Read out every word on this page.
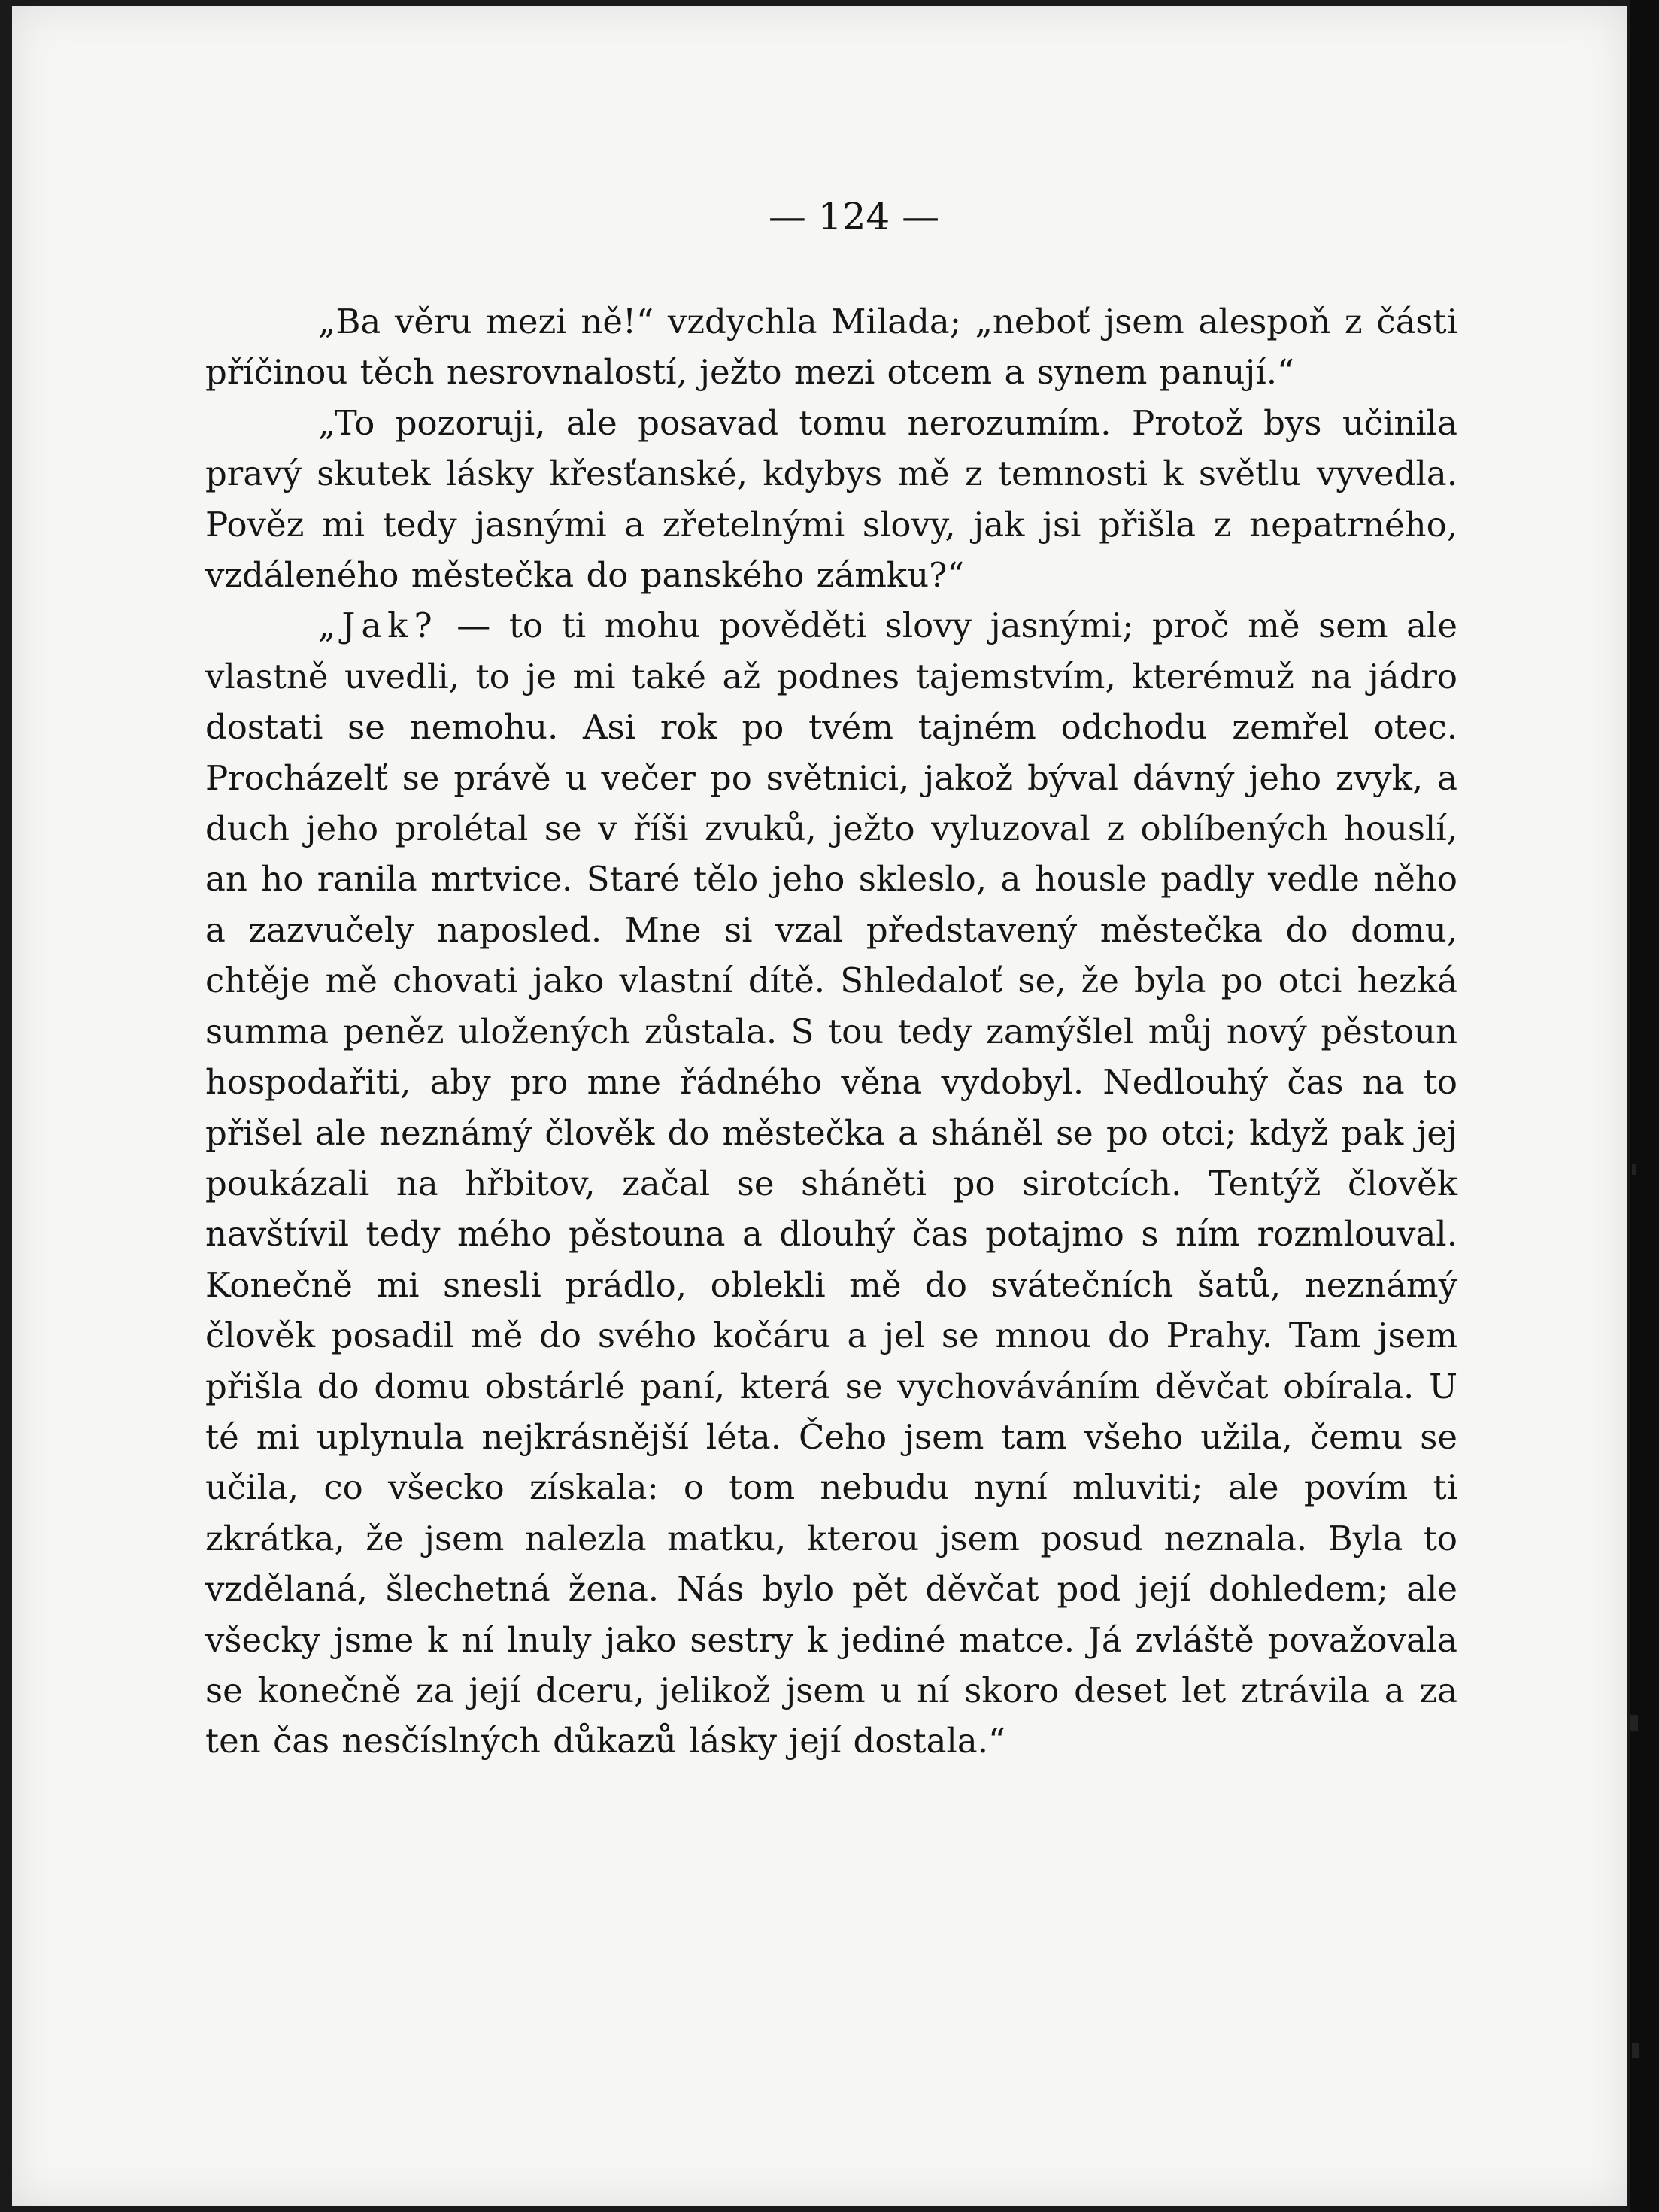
— 124 —

„Ba věru mezi ně!“ vzdychla Milada; „neboť jsem alespoň z části příčinou těch nesrovnalostí, ježto mezi otcem a synem panují.“

„To pozoruji, ale posavad tomu nerozumím. Protož bys učinila pravý skutek lásky křesťanské, kdybys mě z temnosti k světlu vyvedla. Pověz mi tedy jasnými a zřetelnými slovy, jak jsi přišla z nepatrného, vzdáleného městečka do panského zámku?“

„Jak? — to ti mohu pověděti slovy jasnými; proč mě sem ale vlastně uvedli, to je mi také až podnes tajemstvím, kterémuž na jádro dostati se nemohu. Asi rok po tvém tajném odchodu zemřel otec. Procházelť se právě u večer po světnici, jakož býval dávný jeho zvyk, a duch jeho prolétal se v říši zvuků, ježto vyluzoval z oblíbených houslí, an ho ranila mrtvice. Staré tělo jeho skleslo, a housle padly vedle něho a zazvučely naposled. Mne si vzal představený městečka do domu, chtěje mě chovati jako vlastní dítě. Shledaloť se, že byla po otci hezká summa peněz uložených zůstala. S tou tedy zamýšlel můj nový pěstoun hospodařiti, aby pro mne řádného věna vydobyl. Nedlouhý čas na to přišel ale neznámý člověk do městečka a sháněl se po otci; když pak jej poukázali na hřbitov, začal se sháněti po sirotcích. Tentýž člověk navštívil tedy mého pěstouna a dlouhý čas potajmo s ním rozmlouval. Konečně mi snesli prádlo, oblekli mě do svátečních šatů, neznámý člověk posadil mě do svého kočáru a jel se mnou do Prahy. Tam jsem přišla do domu obstárlé paní, která se vychováváním děvčat obírala. U té mi uplynula nejkrásnější léta. Čeho jsem tam všeho užila, čemu se učila, co všecko získala: o tom nebudu nyní mluviti; ale povím ti zkrátka, že jsem nalezla matku, kterou jsem posud neznala. Byla to vzdělaná, šlechetná žena. Nás bylo pět děvčat pod její dohledem; ale všecky jsme k ní lnuly jako sestry k jediné matce. Já zvláště považovala se konečně za její dceru, jelikož jsem u ní skoro deset let ztrávila a za ten čas nesčíslných důkazů lásky její dostala.“
